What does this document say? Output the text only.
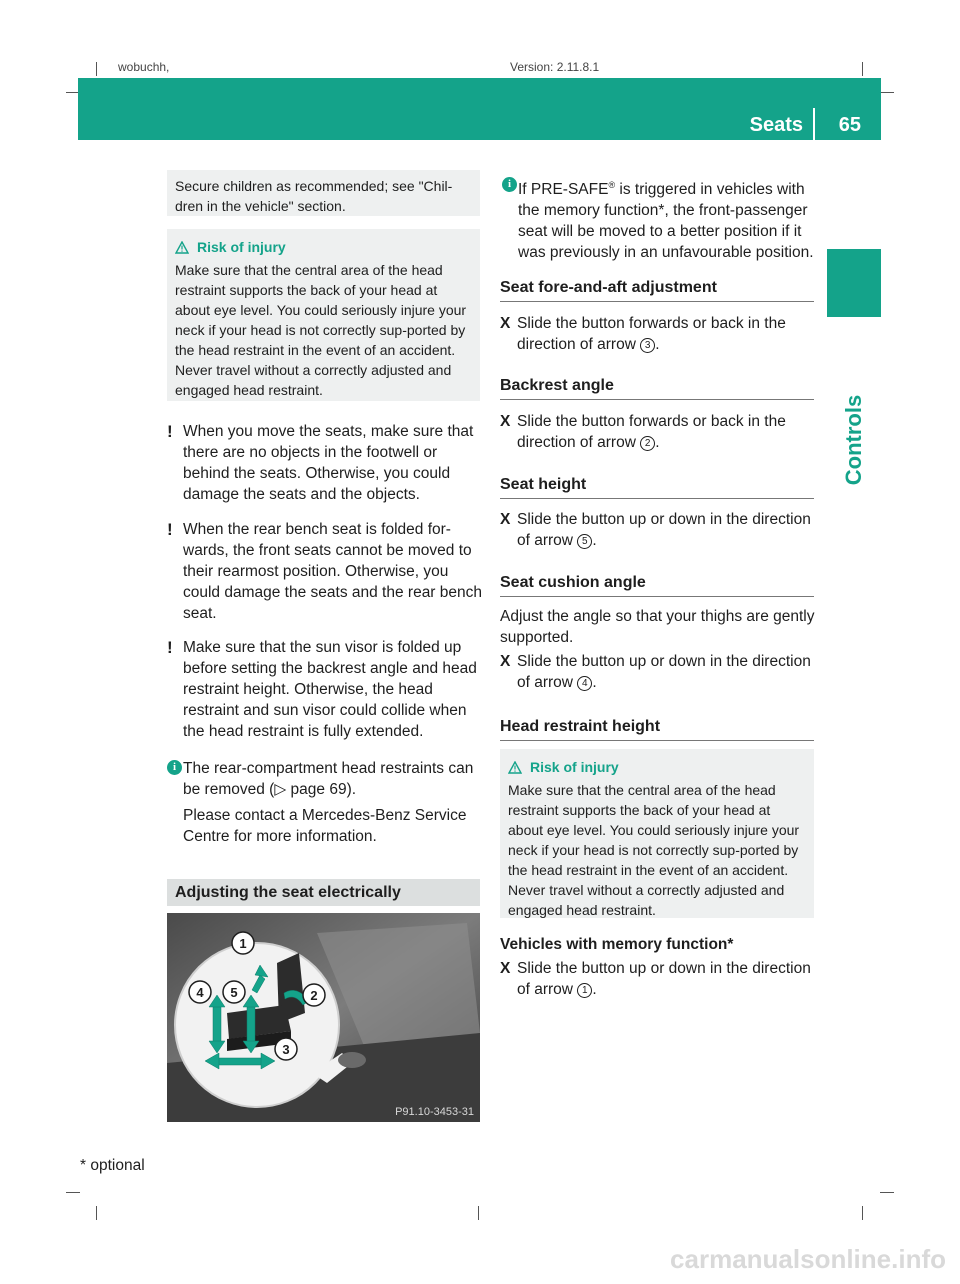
wobuchh,	Version: 2.11.8.1
Seats 65
Controls
Secure children as recommended; see "Chil-dren in the vehicle" section.
Risk of injury
Make sure that the central area of the head restraint supports the back of your head at about eye level. You could seriously injure your neck if your head is not correctly sup-ported by the head restraint in the event of an accident. Never travel without a correctly adjusted and engaged head restraint.
! When you move the seats, make sure that there are no objects in the footwell or behind the seats. Otherwise, you could damage the seats and the objects.
! When the rear bench seat is folded for-wards, the front seats cannot be moved to their rearmost position. Otherwise, you could damage the seats and the rear bench seat.
! Make sure that the sun visor is folded up before setting the backrest angle and head restraint height. Otherwise, the head restraint and sun visor could collide when the head restraint is fully extended.
i The rear-compartment head restraints can be removed (▷ page 69).
Please contact a Mercedes-Benz Service Centre for more information.
Adjusting the seat electrically
1
2
3
4 5
P91.10-3453-31
i If PRE-SAFE® is triggered in vehicles with the memory function*, the front-passenger seat will be moved to a better position if it was previously in an unfavourable position.
Seat fore-and-aft adjustment
X Slide the button forwards or back in the direction of arrow 3 .
Backrest angle
X Slide the button forwards or back in the direction of arrow 2 .
Seat height
X Slide the button up or down in the direction of arrow 5 .
Seat cushion angle
Adjust the angle so that your thighs are gently supported.
X Slide the button up or down in the direction of arrow 4 .
Head restraint height
Risk of injury
Make sure that the central area of the head restraint supports the back of your head at about eye level. You could seriously injure your neck if your head is not correctly sup-ported by the head restraint in the event of an accident. Never travel without a correctly adjusted and engaged head restraint.
Vehicles with memory function*
X Slide the button up or down in the direction of arrow 1 .
* optional
carmanualsonline.info
